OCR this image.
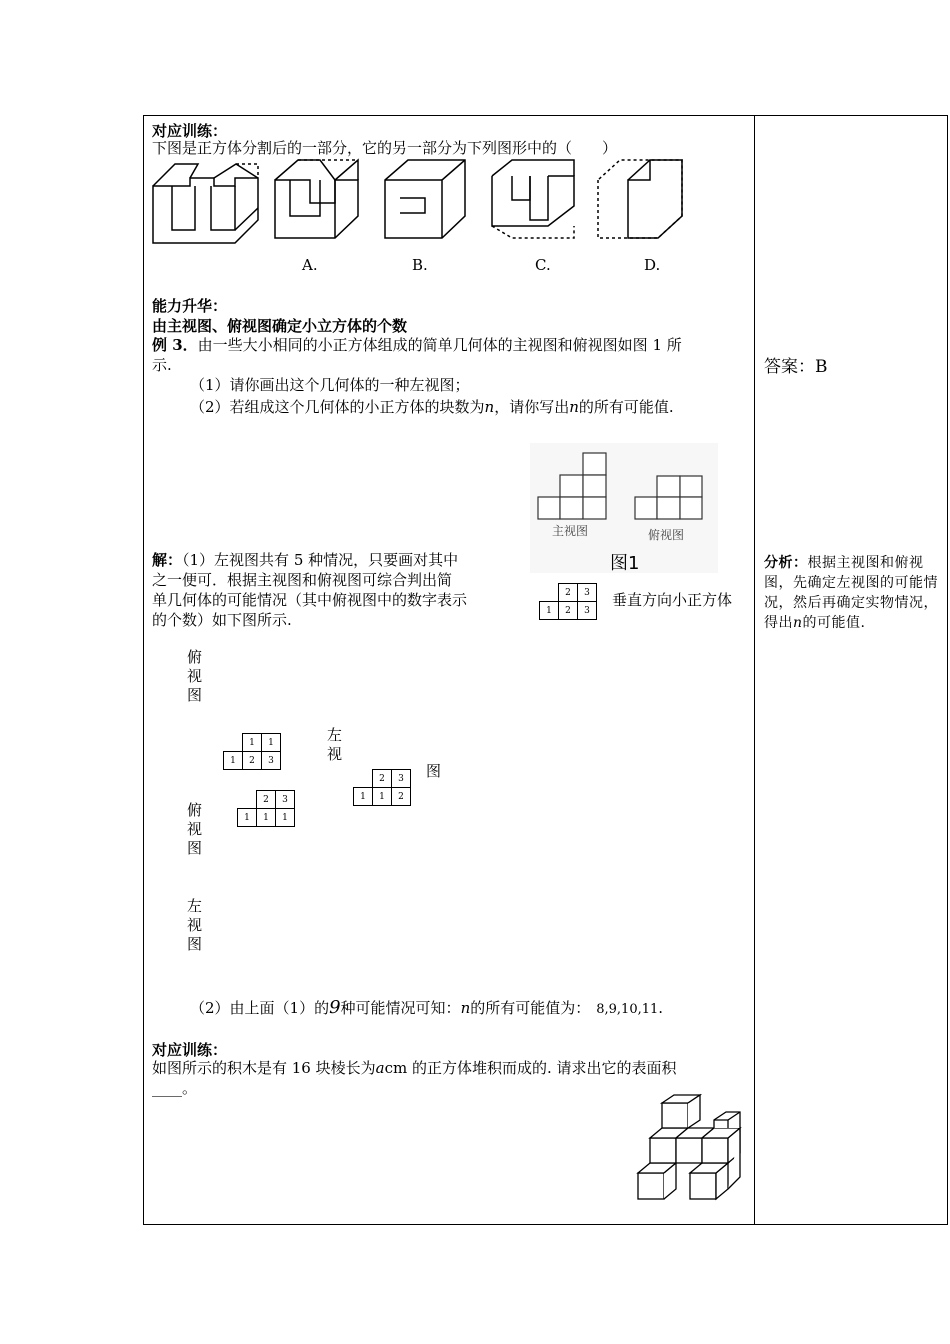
对应训练：
下图是正方体分割后的一部分，它的另一部分为下列图形中的（　　）
A.	B.	C.	D.
能力升华：
由主视图、俯视图确定小立方体的个数
例 3．由一些大小相同的小正方体组成的简单几何体的主视图和俯视图如图 1 所
示.
（1）请你画出这个几何体的一种左视图；
（2）若组成这个几何体的小正方体的块数为n，请你写出n的所有可能值.
主视图	俯视图
图1
解：（1）左视图共有 5 种情况，只要画对其中
之一便可．根据主视图和俯视图可综合判出简
单几何体的可能情况（其中俯视图中的数字表示
的个数）如下图所示.
垂直方向小正方体
	2	3
1	2	3
俯
视
图
左
视
图
俯
视
图
左
视
图
	1	1
1	2	3
	2	3
1	1	2
	2	3
1	1	1
（2）由上面（1）的9种可能情况可知：n的所有可能值为： 8,9,10,11.
对应训练：
如图所示的积木是有 16 块棱长为acm 的正方体堆积而成的. 请求出它的表面积
____。
答案：B
分析：根据主视图和俯视图，先确定左视图的可能情况，然后再确定实物情况，得出n的可能值.
